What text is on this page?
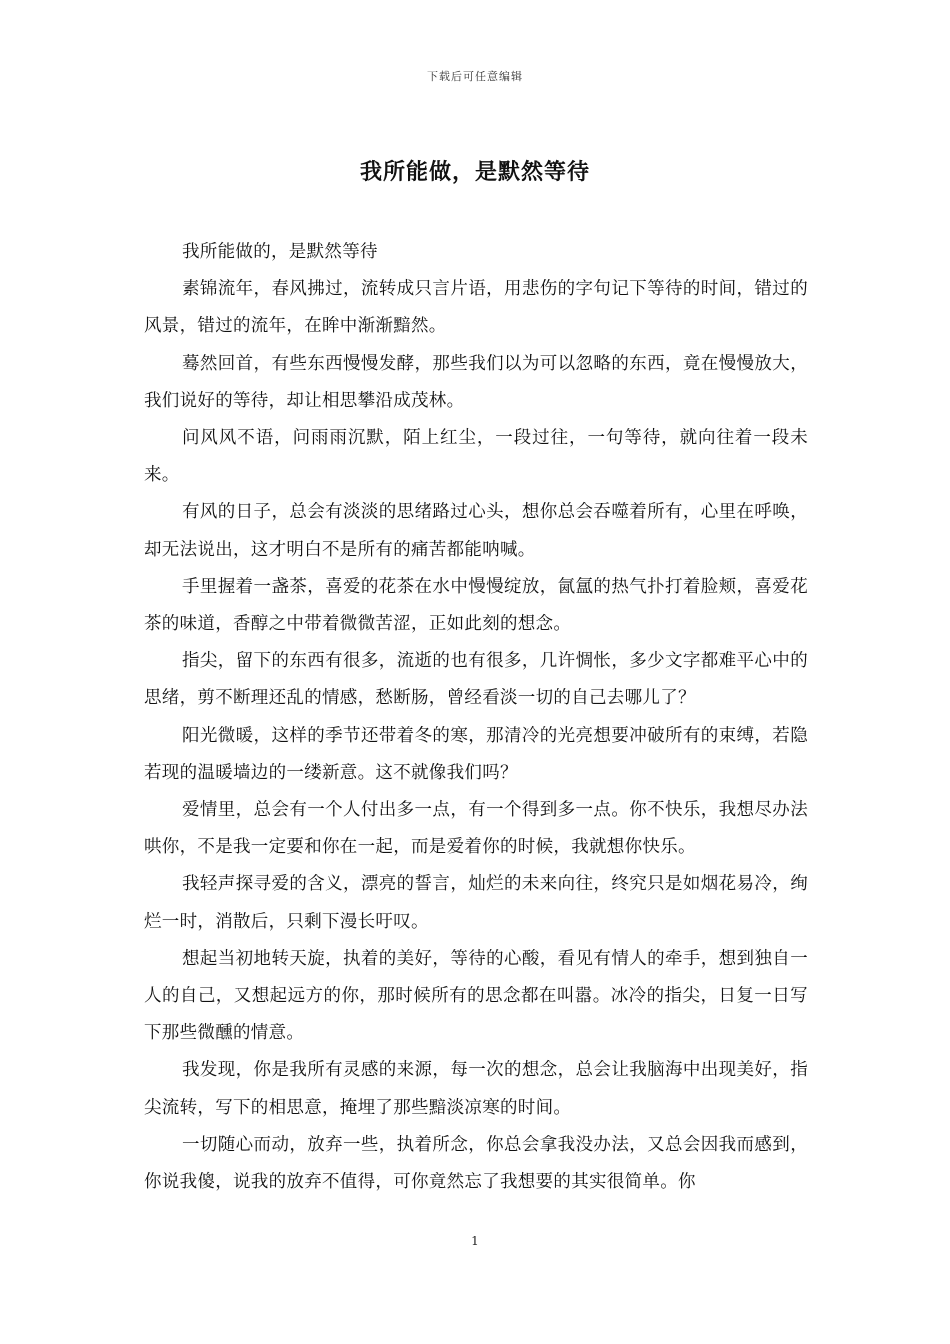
下载后可任意编辑
我所能做，是默然等待

我所能做的，是默然等待

素锦流年，春风拂过，流转成只言片语，用悲伤的字句记下等待的时间，错过的风景，错过的流年，在眸中渐渐黯然。

蓦然回首，有些东西慢慢发酵，那些我们以为可以忽略的东西，竟在慢慢放大，我们说好的等待，却让相思攀沿成茂林。

问风风不语，问雨雨沉默，陌上红尘，一段过往，一句等待，就向往着一段未来。

有风的日子，总会有淡淡的思绪路过心头，想你总会吞噬着所有，心里在呼唤，却无法说出，这才明白不是所有的痛苦都能呐喊。

手里握着一盏茶，喜爱的花茶在水中慢慢绽放，氤氲的热气扑打着脸颊，喜爱花茶的味道，香醇之中带着微微苦涩，正如此刻的想念。

指尖，留下的东西有很多，流逝的也有很多，几许惆怅，多少文字都难平心中的思绪，剪不断理还乱的情感，愁断肠，曾经看淡一切的自己去哪儿了？

阳光微暖，这样的季节还带着冬的寒，那清冷的光亮想要冲破所有的束缚，若隐若现的温暖墙边的一缕新意。这不就像我们吗？

爱情里，总会有一个人付出多一点，有一个得到多一点。你不快乐，我想尽办法哄你，不是我一定要和你在一起，而是爱着你的时候，我就想你快乐。

我轻声探寻爱的含义，漂亮的誓言，灿烂的未来向往，终究只是如烟花易冷，绚烂一时，消散后，只剩下漫长吁叹。

想起当初地转天旋，执着的美好，等待的心酸，看见有情人的牵手，想到独自一人的自己，又想起远方的你，那时候所有的思念都在叫嚣。冰冷的指尖，日复一日写下那些微醺的情意。

我发现，你是我所有灵感的来源，每一次的想念，总会让我脑海中出现美好，指尖流转，写下的相思意，掩埋了那些黯淡凉寒的时间。

一切随心而动，放弃一些，执着所念，你总会拿我没办法，又总会因我而感到，你说我傻，说我的放弃不值得，可你竟然忘了我想要的其实很简单。你

1
